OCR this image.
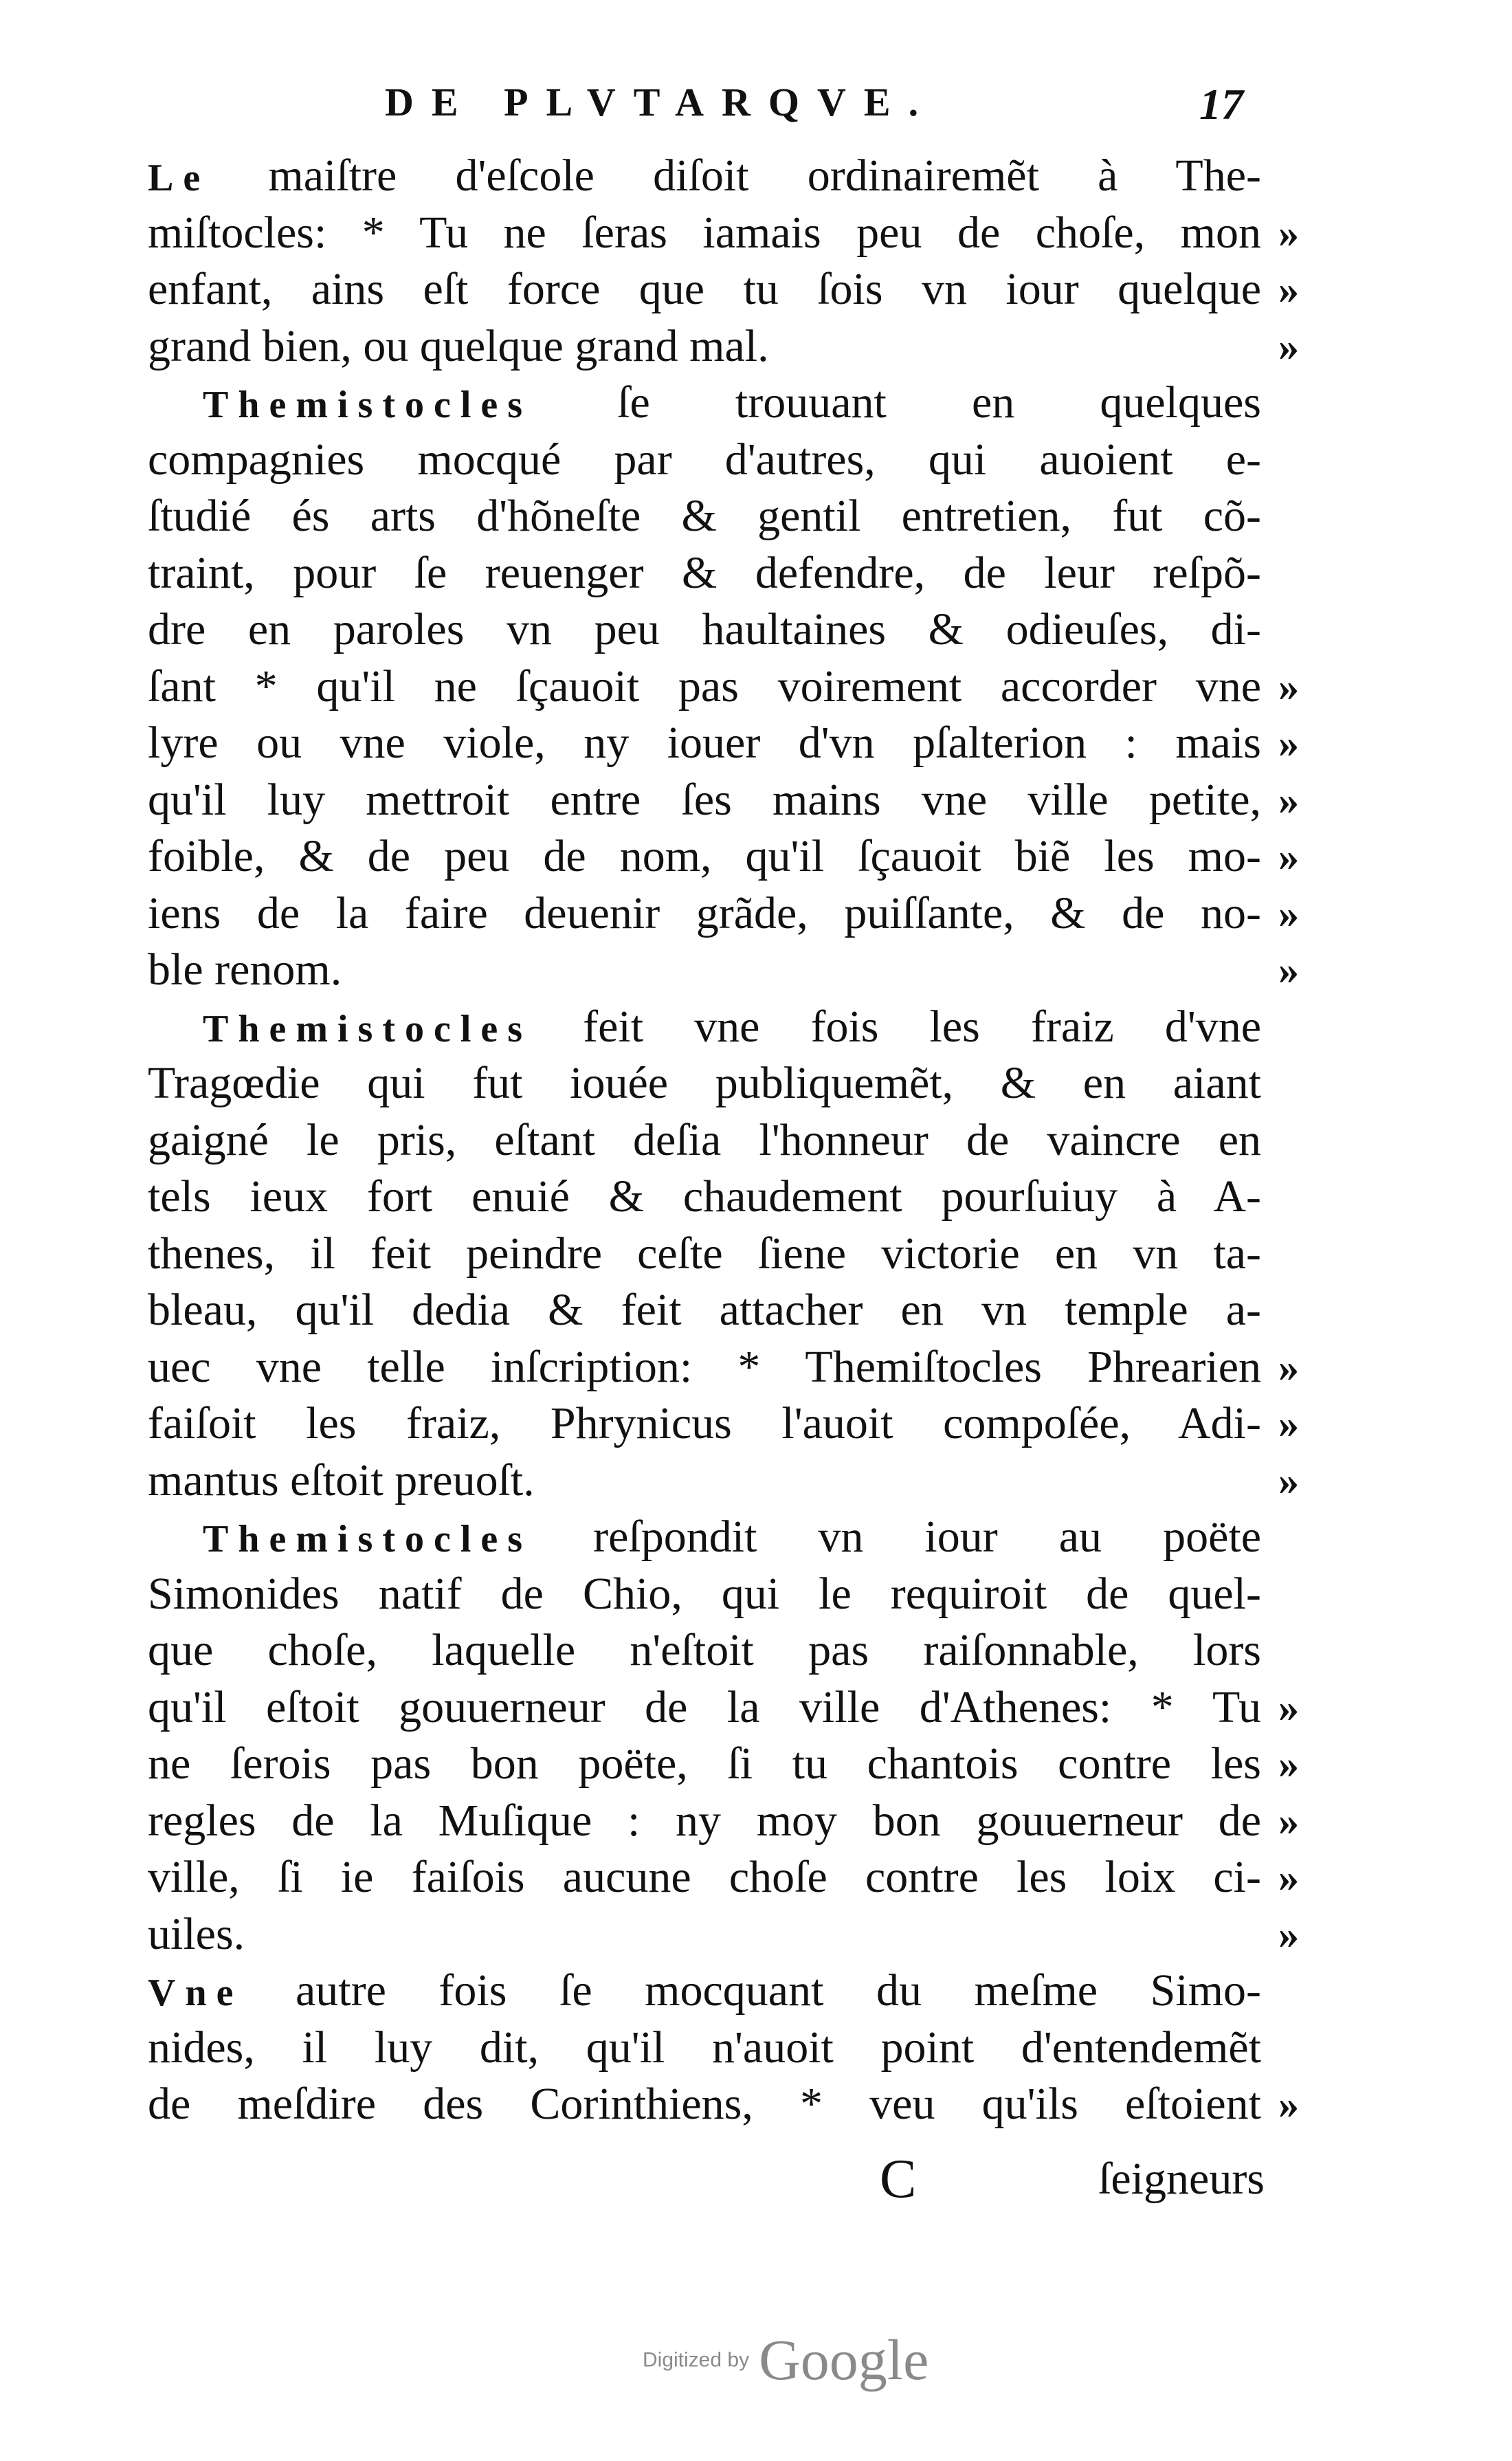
DE PLVTARQVE.	17
Le maiſtre d'eſcole diſoit ordinairemẽt à The-
miſtocles: * Tu ne ſeras iamais peu de choſe, mon
enfant, ains eſt force que tu ſois vn iour quelque
grand bien, ou quelque grand mal.
Themistocles ſe trouuant en quelques
compagnies mocqué par d'autres, qui auoient e-
ſtudié és arts d'hõneſte & gentil entretien, fut cõ-
traint, pour ſe reuenger & defendre, de leur reſpõ-
dre en paroles vn peu haultaines & odieuſes, di-
ſant * qu'il ne ſçauoit pas voirement accorder vne
lyre ou vne viole, ny iouer d'vn pſalterion : mais
qu'il luy mettroit entre ſes mains vne ville petite,
foible, & de peu de nom, qu'il ſçauoit biẽ les mo-
iens de la faire deuenir grãde, puiſſante, & de no-
ble renom.
Themistocles feit vne fois les fraiz d'vne
Tragœdie qui fut iouée publiquemẽt, & en aiant
gaigné le pris, eſtant deſia l'honneur de vaincre en
tels ieux fort enuié & chaudement pourſuiuy à A-
thenes, il feit peindre ceſte ſiene victorie en vn ta-
bleau, qu'il dedia & feit attacher en vn temple a-
uec vne telle inſcription: * Themiſtocles Phrearien
faiſoit les fraiz, Phrynicus l'auoit compoſée, Adi-
mantus eſtoit preuoſt.
Themistocles reſpondit vn iour au poëte
Simonides natif de Chio, qui le requiroit de quel-
que choſe, laquelle n'eſtoit pas raiſonnable, lors
qu'il eſtoit gouuerneur de la ville d'Athenes: * Tu
ne ſerois pas bon poëte, ſi tu chantois contre les
regles de la Muſique : ny moy bon gouuerneur de
ville, ſi ie faiſois aucune choſe contre les loix ci-
uiles.
Vne autre fois ſe mocquant du meſme Simo-
nides, il luy dit, qu'il n'auoit point d'entendemẽt
de meſdire des Corinthiens, * veu qu'ils eſtoient
»
»
»
»
»
»
»
»
»
»
»
»
»
»
»
»
»
»
C	ſeigneurs
Digitized by Google
